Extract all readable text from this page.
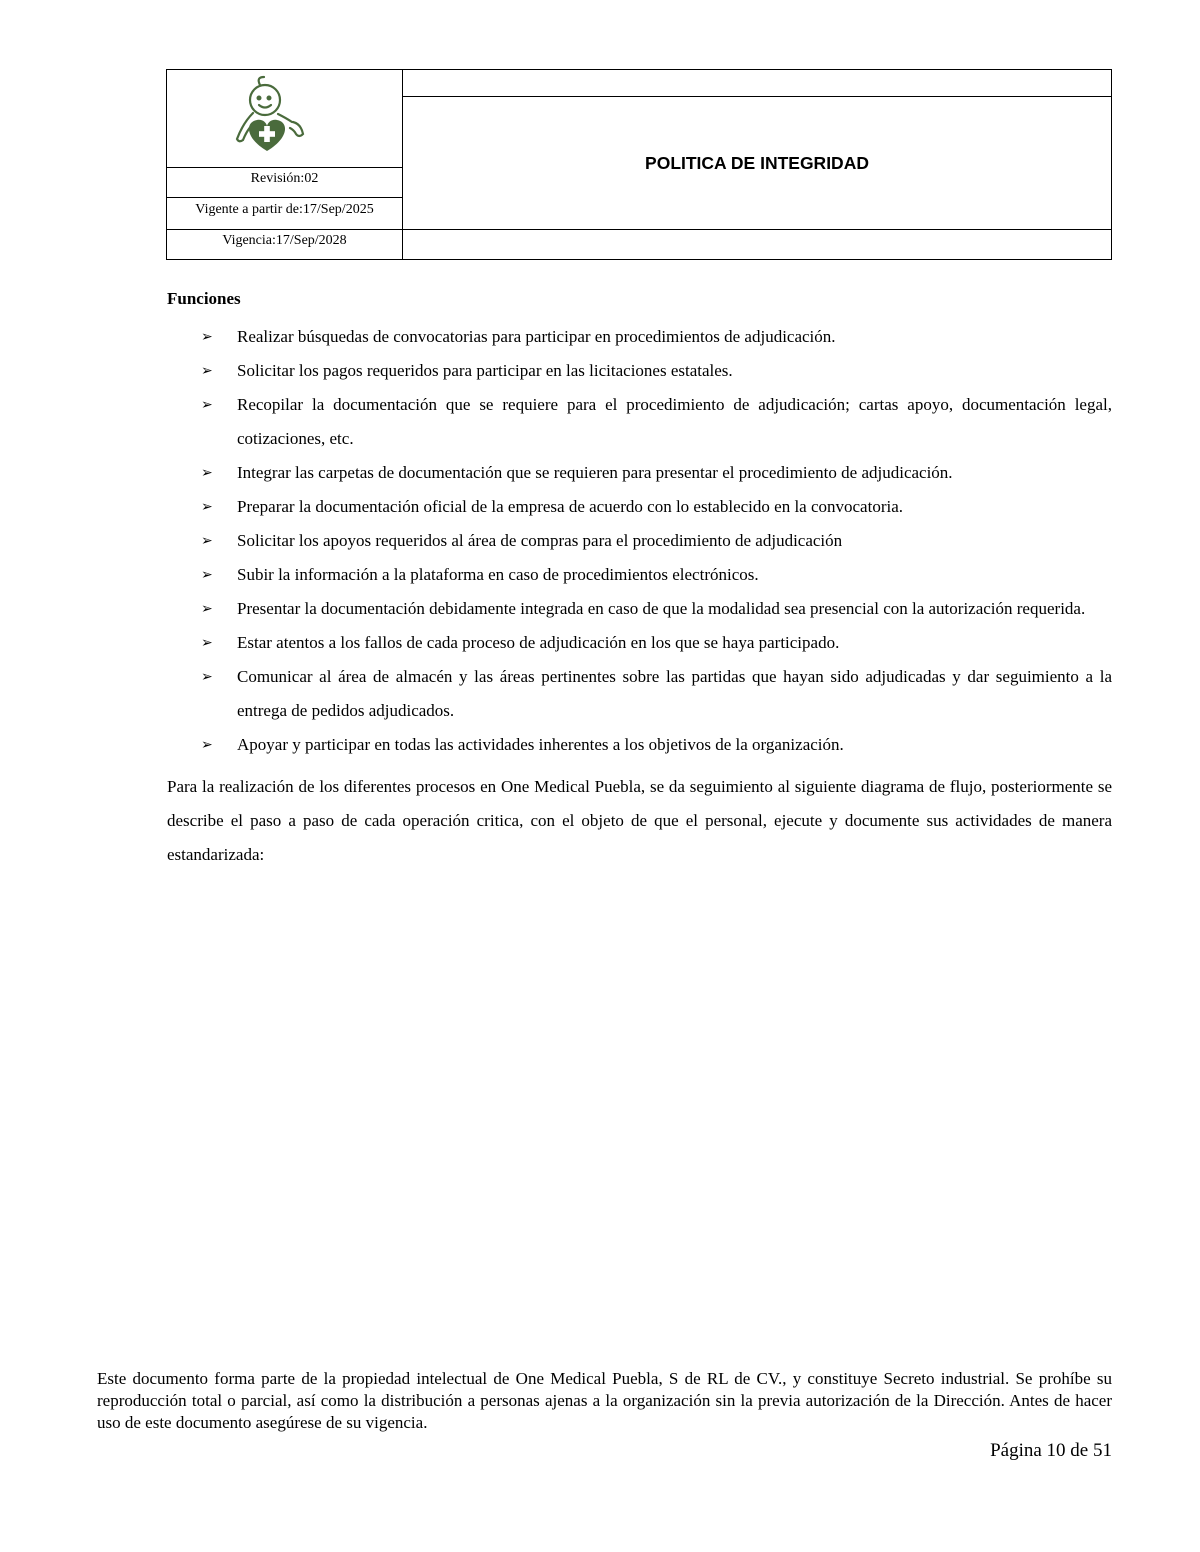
Revisión:02
Vigente a partir de:17/Sep/2025
Vigencia:17/Sep/2028
POLITICA DE INTEGRIDAD
Funciones
➢ Realizar búsquedas de convocatorias para participar en procedimientos de adjudicación.
➢ Solicitar los pagos requeridos para participar en las licitaciones estatales.
➢ Recopilar la documentación que se requiere para el procedimiento de adjudicación; cartas apoyo, documentación legal, cotizaciones, etc.
➢ Integrar las carpetas de documentación que se requieren para presentar el procedimiento de adjudicación.
➢ Preparar la documentación oficial de la empresa de acuerdo con lo establecido en la convocatoria.
➢ Solicitar los apoyos requeridos al área de compras para el procedimiento de adjudicación
➢ Subir la información a la plataforma en caso de procedimientos electrónicos.
➢ Presentar la documentación debidamente integrada en caso de que la modalidad sea presencial con la autorización requerida.
➢ Estar atentos a los fallos de cada proceso de adjudicación en los que se haya participado.
➢ Comunicar al área de almacén y las áreas pertinentes sobre las partidas que hayan sido adjudicadas y dar seguimiento a la entrega de pedidos adjudicados.
➢ Apoyar y participar en todas las actividades inherentes a los objetivos de la organización.

Para la realización de los diferentes procesos en One Medical Puebla, se da seguimiento al siguiente diagrama de flujo, posteriormente se describe el paso a paso de cada operación critica, con el objeto de que el personal, ejecute y documente sus actividades de manera estandarizada:

Este documento forma parte de la propiedad intelectual de One Medical Puebla, S de RL de CV., y constituye Secreto industrial. Se prohíbe su reproducción total o parcial, así como la distribución a personas ajenas a la organización sin la previa autorización de la Dirección. Antes de hacer uso de este documento asegúrese de su vigencia.
Página 10 de 51
